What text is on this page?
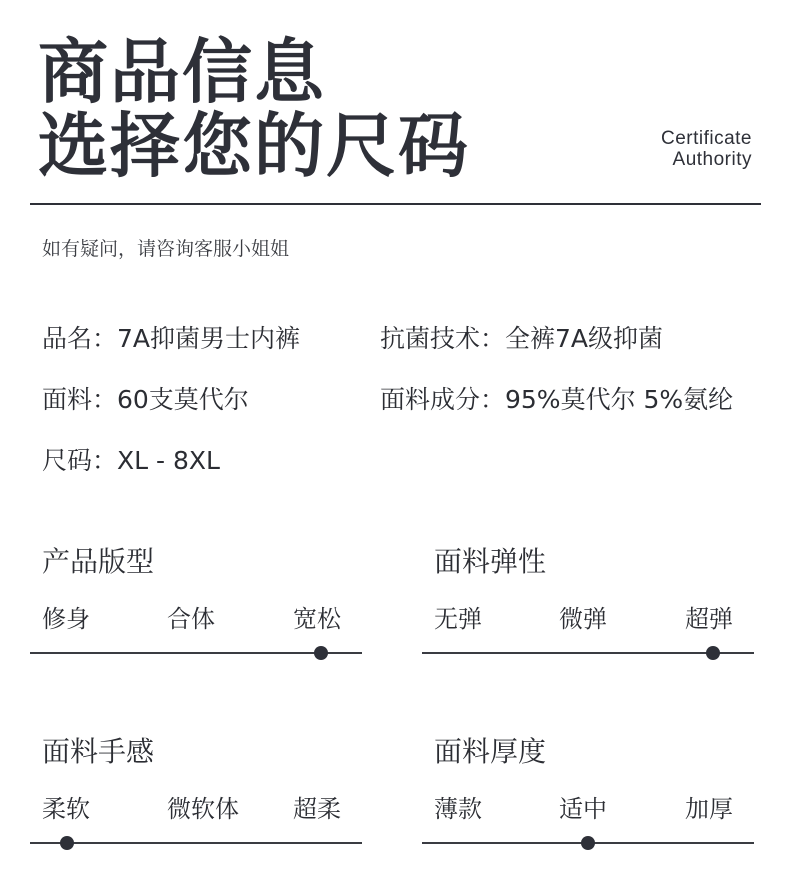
商品信息
选择您的尺码	Certificate
Authority
如有疑问，请咨询客服小姐姐
品名：7A抑菌男士内裤	抗菌技术：全裤7A级抑菌
面料：60支莫代尔	面料成分：95%莫代尔 5%氨纶
尺码：XL - 8XL
产品版型
修身	合体	宽松
面料弹性
无弹	微弹	超弹
面料手感
柔软	微软体 超柔
面料厚度
薄款	适中	加厚
